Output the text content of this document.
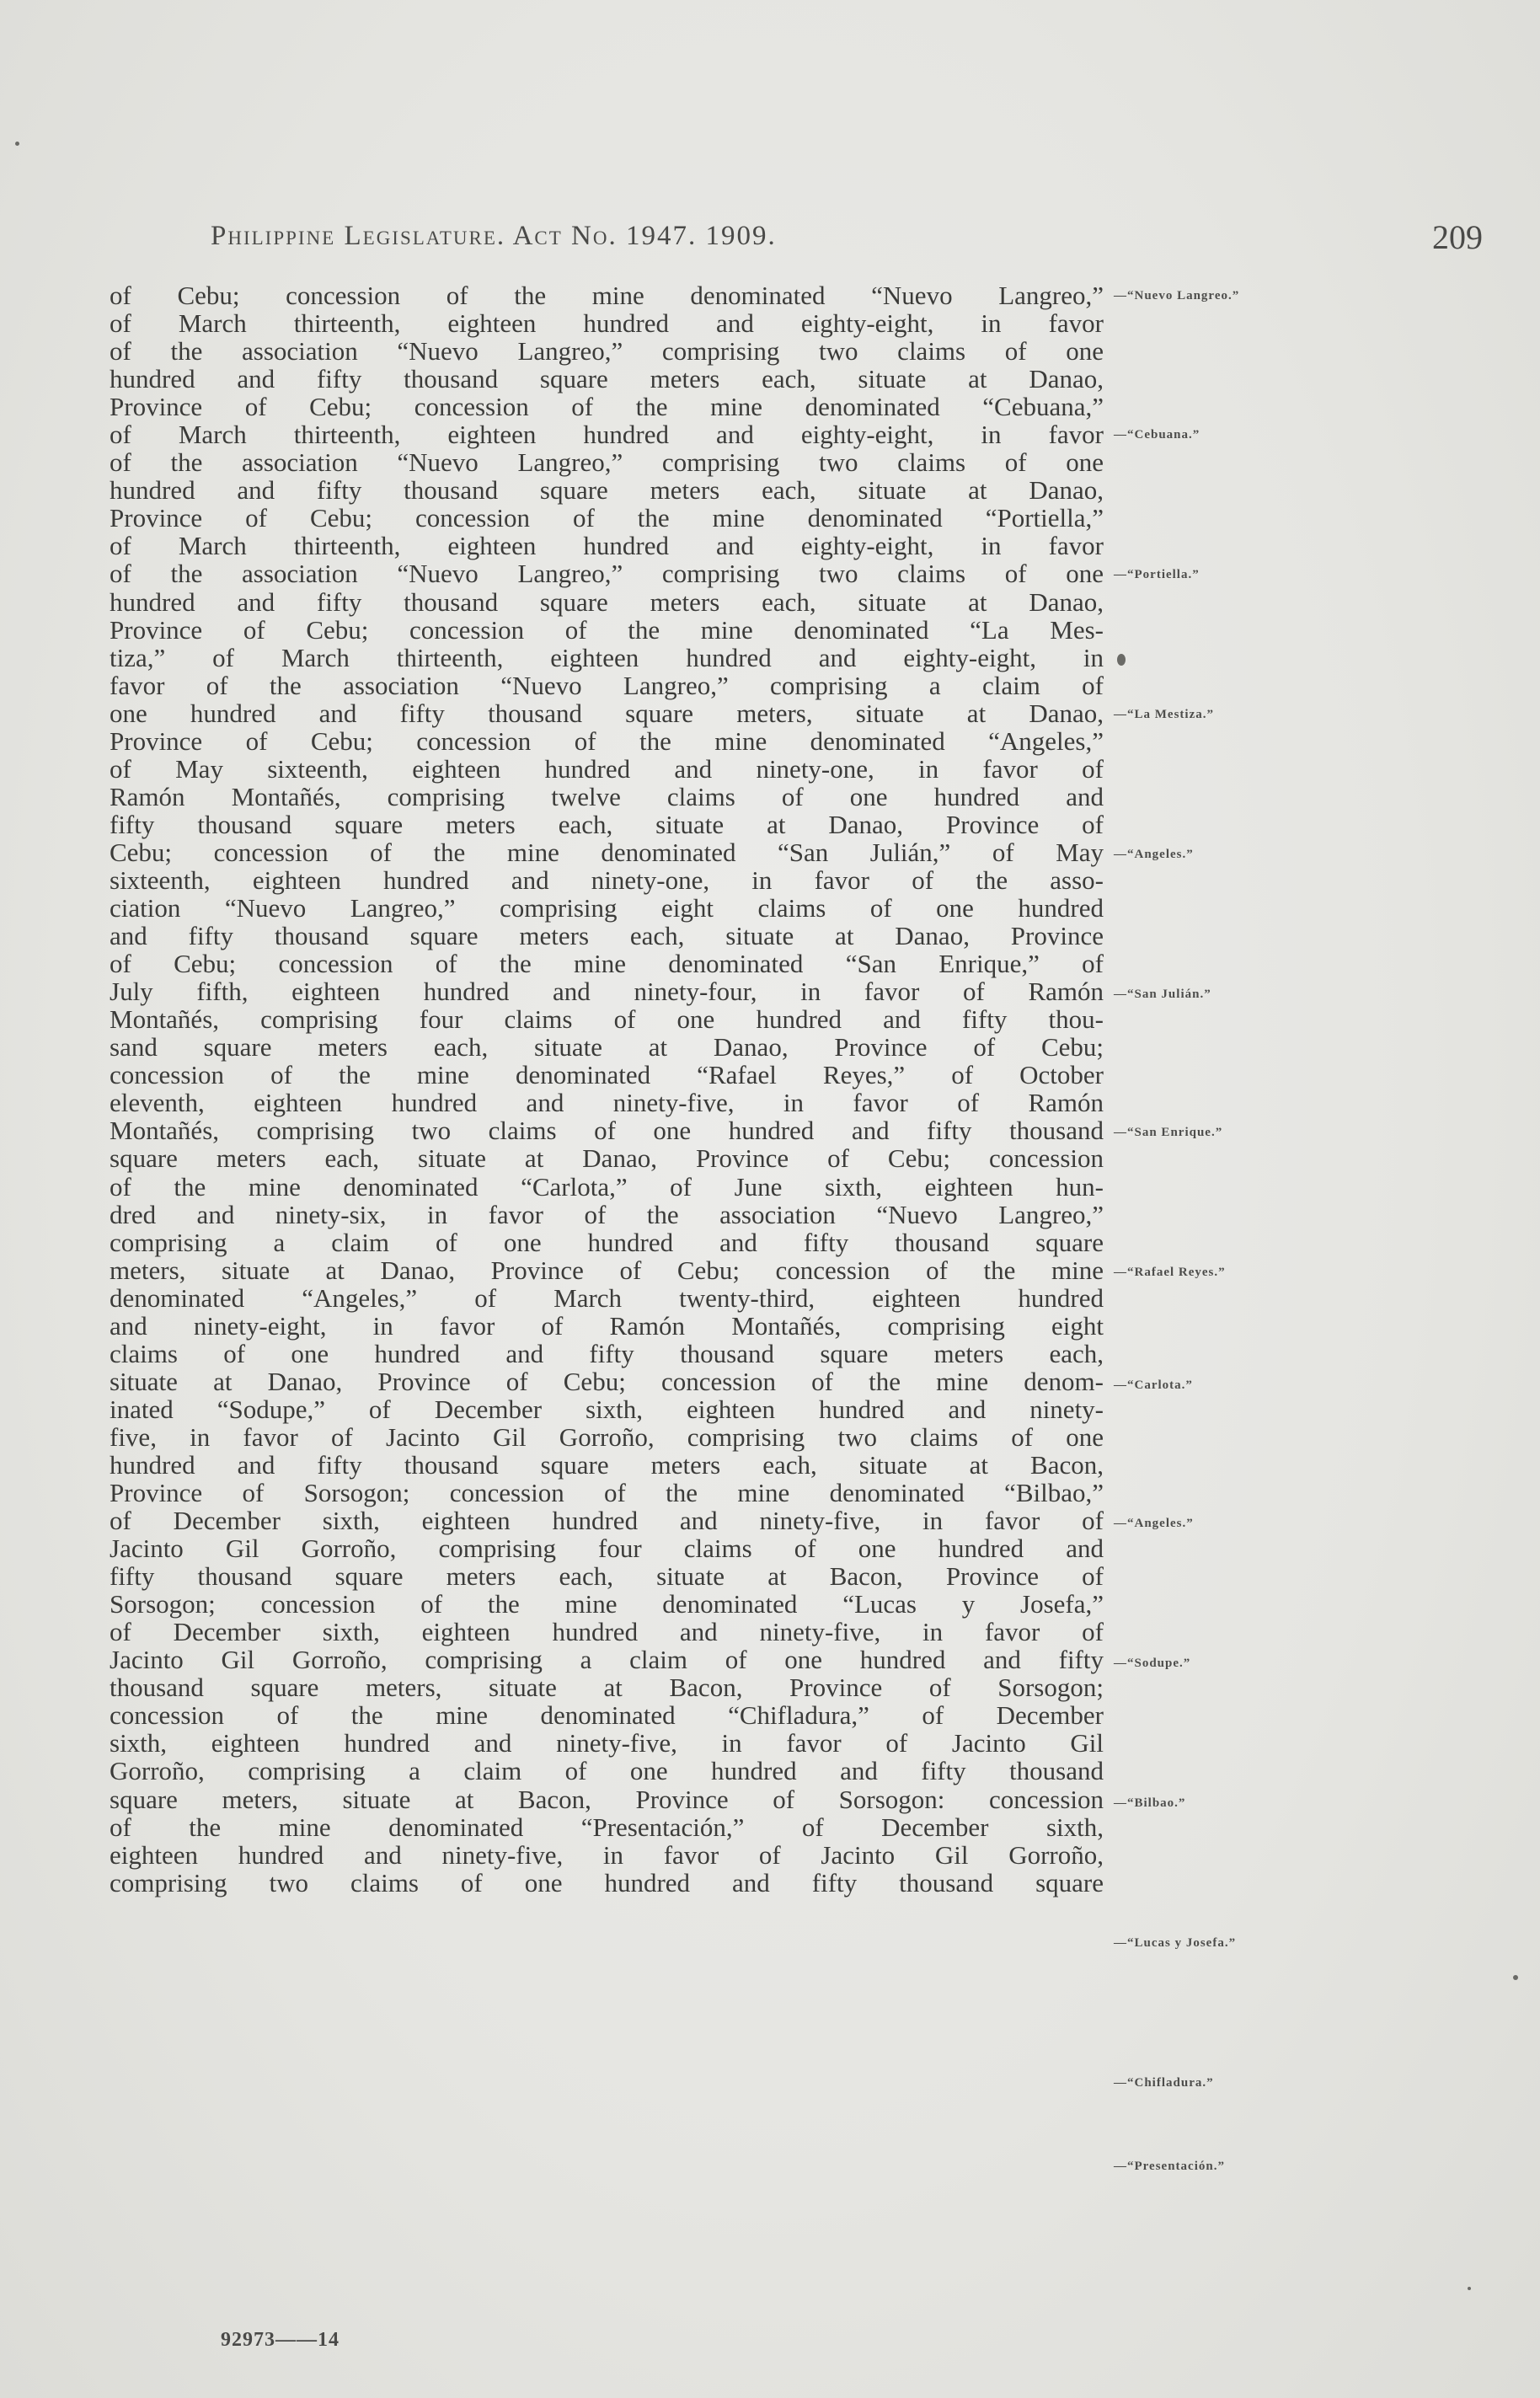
Philippine Legislature. Act No. 1947. 1909.	209
of Cebu; concession of the mine denominated “Nuevo Langreo,”
of March thirteenth, eighteen hundred and eighty-eight, in favor
of the association “Nuevo Langreo,” comprising two claims of one
hundred and fifty thousand square meters each, situate at Danao,
Province of Cebu; concession of the mine denominated “Cebuana,”
of March thirteenth, eighteen hundred and eighty-eight, in favor
of the association “Nuevo Langreo,” comprising two claims of one
hundred and fifty thousand square meters each, situate at Danao,
Province of Cebu; concession of the mine denominated “Portiella,”
of March thirteenth, eighteen hundred and eighty-eight, in favor
of the association “Nuevo Langreo,” comprising two claims of one
hundred and fifty thousand square meters each, situate at Danao,
Province of Cebu; concession of the mine denominated “La Mes-
tiza,” of March thirteenth, eighteen hundred and eighty-eight, in
favor of the association “Nuevo Langreo,” comprising a claim of
one hundred and fifty thousand square meters, situate at Danao,
Province of Cebu; concession of the mine denominated “Angeles,”
of May sixteenth, eighteen hundred and ninety-one, in favor of
Ramón Montañés, comprising twelve claims of one hundred and
fifty thousand square meters each, situate at Danao, Province of
Cebu; concession of the mine denominated “San Julián,” of May
sixteenth, eighteen hundred and ninety-one, in favor of the asso-
ciation “Nuevo Langreo,” comprising eight claims of one hundred
and fifty thousand square meters each, situate at Danao, Province
of Cebu; concession of the mine denominated “San Enrique,” of
July fifth, eighteen hundred and ninety-four, in favor of Ramón
Montañés, comprising four claims of one hundred and fifty thou-
sand square meters each, situate at Danao, Province of Cebu;
concession of the mine denominated “Rafael Reyes,” of October
eleventh, eighteen hundred and ninety-five, in favor of Ramón
Montañés, comprising two claims of one hundred and fifty thousand
square meters each, situate at Danao, Province of Cebu; concession
of the mine denominated “Carlota,” of June sixth, eighteen hun-
dred and ninety-six, in favor of the association “Nuevo Langreo,”
comprising a claim of one hundred and fifty thousand square
meters, situate at Danao, Province of Cebu; concession of the mine
denominated “Angeles,” of March twenty-third, eighteen hundred
and ninety-eight, in favor of Ramón Montañés, comprising eight
claims of one hundred and fifty thousand square meters each,
situate at Danao, Province of Cebu; concession of the mine denom-
inated “Sodupe,” of December sixth, eighteen hundred and ninety-
five, in favor of Jacinto Gil Gorroño, comprising two claims of one
hundred and fifty thousand square meters each, situate at Bacon,
Province of Sorsogon; concession of the mine denominated “Bilbao,”
of December sixth, eighteen hundred and ninety-five, in favor of
Jacinto Gil Gorroño, comprising four claims of one hundred and
fifty thousand square meters each, situate at Bacon, Province of
Sorsogon; concession of the mine denominated “Lucas y Josefa,”
of December sixth, eighteen hundred and ninety-five, in favor of
Jacinto Gil Gorroño, comprising a claim of one hundred and fifty
thousand square meters, situate at Bacon, Province of Sorsogon;
concession of the mine denominated “Chifladura,” of December
sixth, eighteen hundred and ninety-five, in favor of Jacinto Gil
Gorroño, comprising a claim of one hundred and fifty thousand
square meters, situate at Bacon, Province of Sorsogon: concession
of the mine denominated “Presentación,” of December sixth,
eighteen hundred and ninety-five, in favor of Jacinto Gil Gorroño,
comprising two claims of one hundred and fifty thousand square
—“Nuevo Langreo.”
—“Cebuana.”
—“Portiella.”
—“La Mestiza.”
—“Angeles.”
—“San Julián.”
—“San Enrique.”
—“Rafael Reyes.”
—“Carlota.”
—“Angeles.”
—“Sodupe.”
—“Bilbao.”
—“Lucas y Josefa.”
—“Chifladura.”
—“Presentación.”
92973——14
